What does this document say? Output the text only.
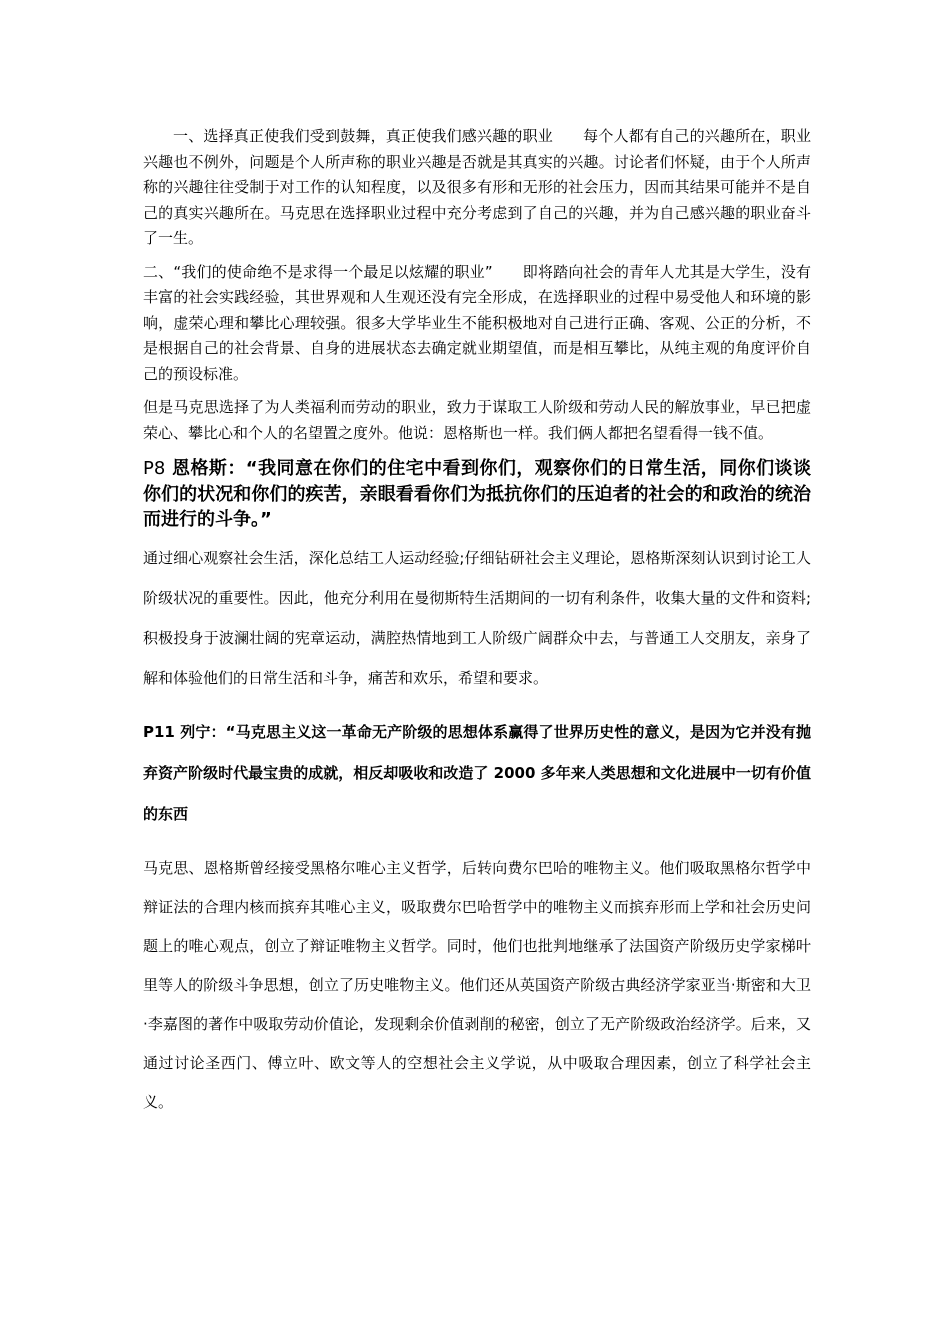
一、选择真正使我们受到鼓舞，真正使我们感兴趣的职业 每个人都有自己的兴趣所在，职业兴趣也不例外，问题是个人所声称的职业兴趣是否就是其真实的兴趣。讨论者们怀疑，由于个人所声称的兴趣往往受制于对工作的认知程度，以及很多有形和无形的社会压力，因而其结果可能并不是自己的真实兴趣所在。马克思在选择职业过程中充分考虑到了自己的兴趣，并为自己感兴趣的职业奋斗了一生。

二、“我们的使命绝不是求得一个最足以炫耀的职业” 即将踏向社会的青年人尤其是大学生，没有丰富的社会实践经验，其世界观和人生观还没有完全形成，在选择职业的过程中易受他人和环境的影响，虚荣心理和攀比心理较强。很多大学毕业生不能积极地对自己进行正确、客观、公正的分析，不是根据自己的社会背景、自身的进展状态去确定就业期望值，而是相互攀比，从纯主观的角度评价自己的预设标准。

但是马克思选择了为人类福利而劳动的职业，致力于谋取工人阶级和劳动人民的解放事业，早已把虚荣心、攀比心和个人的名望置之度外。他说：恩格斯也一样。我们俩人都把名望看得一钱不值。

P8 恩格斯：“我同意在你们的住宅中看到你们，观察你们的日常生活，同你们谈谈你们的状况和你们的疾苦，亲眼看看你们为抵抗你们的压迫者的社会的和政治的统治而进行的斗争。”

通过细心观察社会生活，深化总结工人运动经验;仔细钻研社会主义理论，恩格斯深刻认识到讨论工人阶级状况的重要性。因此，他充分利用在曼彻斯特生活期间的一切有利条件，收集大量的文件和资料;积极投身于波澜壮阔的宪章运动，满腔热情地到工人阶级广阔群众中去，与普通工人交朋友，亲身了解和体验他们的日常生活和斗争，痛苦和欢乐，希望和要求。

P11 列宁：“马克思主义这一革命无产阶级的思想体系赢得了世界历史性的意义，是因为它并没有抛弃资产阶级时代最宝贵的成就，相反却吸收和改造了 2000 多年来人类思想和文化进展中一切有价值的东西

马克思、恩格斯曾经接受黑格尔唯心主义哲学，后转向费尔巴哈的唯物主义。他们吸取黑格尔哲学中辩证法的合理内核而摈弃其唯心主义，吸取费尔巴哈哲学中的唯物主义而摈弃形而上学和社会历史问题上的唯心观点，创立了辩证唯物主义哲学。同时，他们也批判地继承了法国资产阶级历史学家梯叶里等人的阶级斗争思想，创立了历史唯物主义。他们还从英国资产阶级古典经济学家亚当·斯密和大卫·李嘉图的著作中吸取劳动价值论，发现剩余价值剥削的秘密，创立了无产阶级政治经济学。后来，又通过讨论圣西门、傅立叶、欧文等人的空想社会主义学说，从中吸取合理因素，创立了科学社会主义。
